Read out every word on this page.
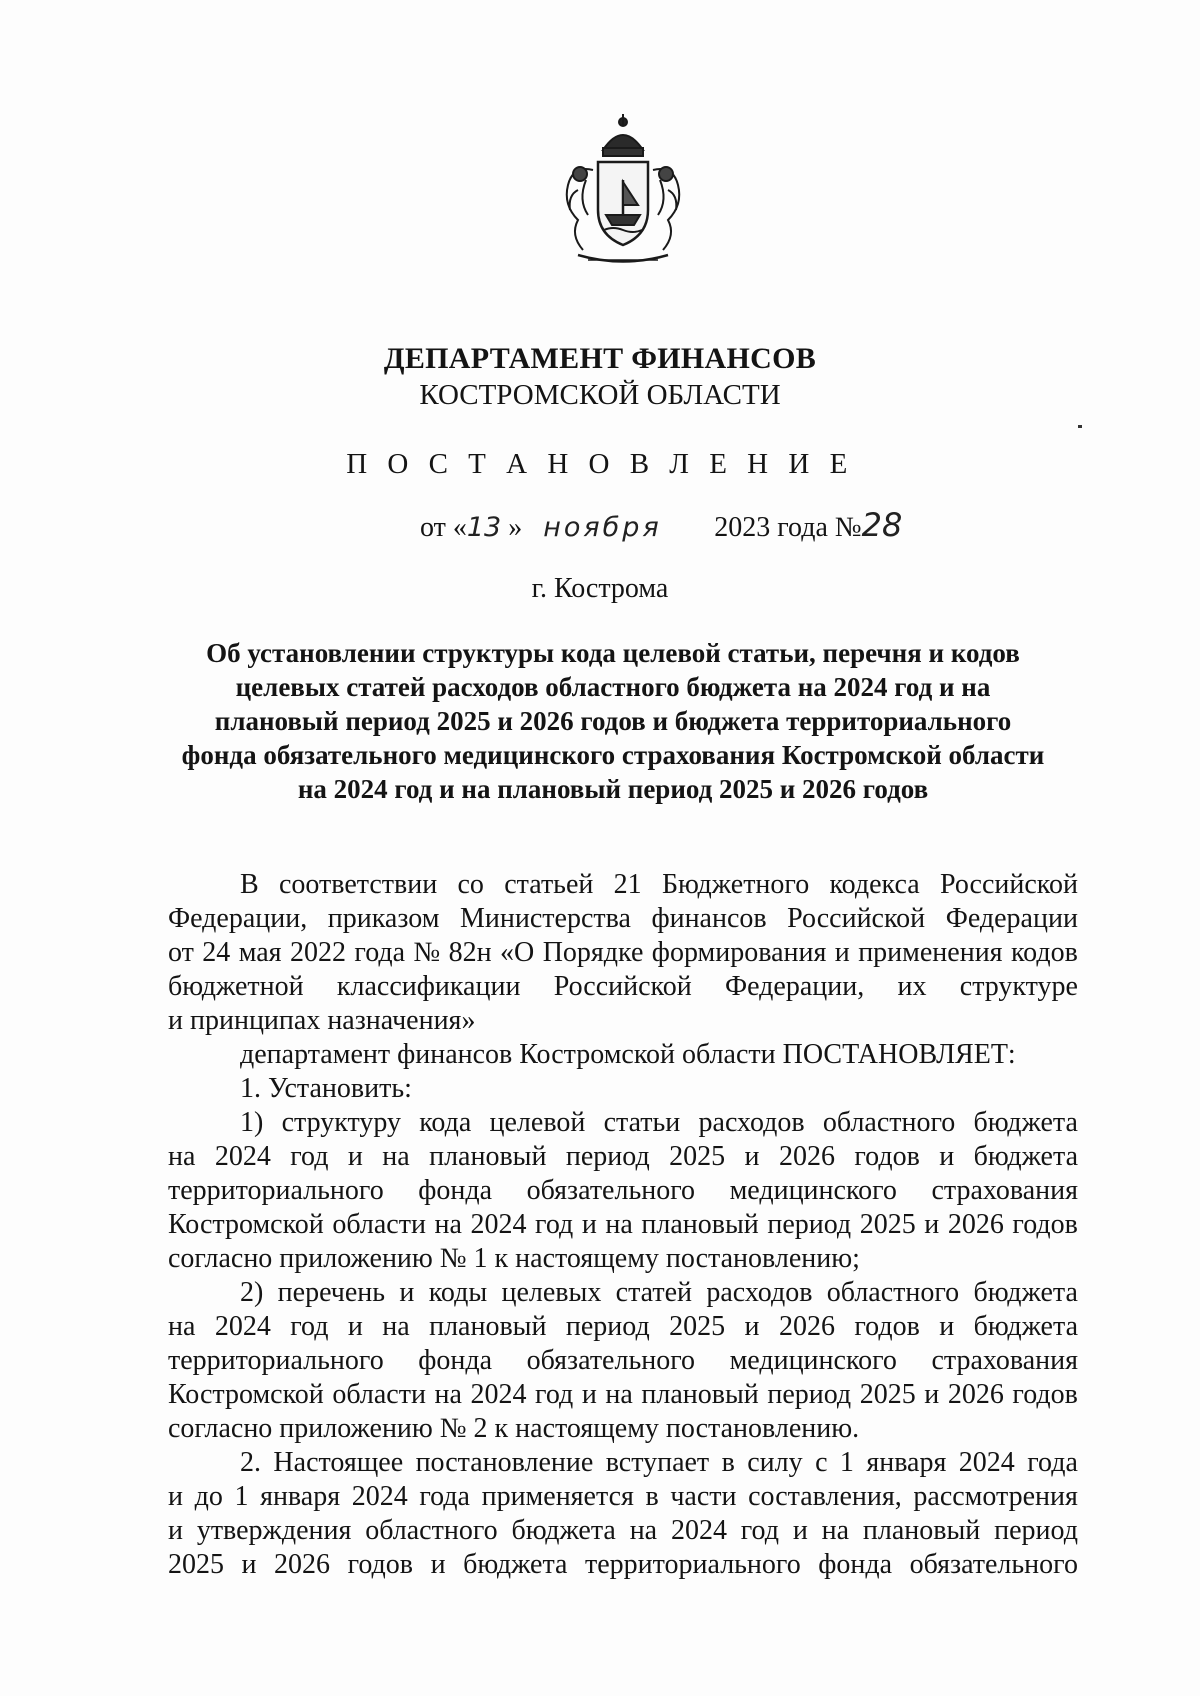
ДЕПАРТАМЕНТ ФИНАНСОВ
КОСТРОМСКОЙ ОБЛАСТИ
П О С Т А Н О В Л Е Н И Е
от «13 » ноября 2023 года №28
г. Кострома
Об установлении структуры кода целевой статьи, перечня и кодов
целевых статей расходов областного бюджета на 2024 год и на
плановый период 2025 и 2026 годов и бюджета территориального
фонда обязательного медицинского страхования Костромской области
на 2024 год и на плановый период 2025 и 2026 годов
В соответствии со статьей 21 Бюджетного кодекса Российской
Федерации, приказом Министерства финансов Российской Федерации
от 24 мая 2022 года № 82н «О Порядке формирования и применения кодов
бюджетной классификации Российской Федерации, их структуре
и принципах назначения»
департамент финансов Костромской области ПОСТАНОВЛЯЕТ:
1. Установить:
1) структуру кода целевой статьи расходов областного бюджета
на 2024 год и на плановый период 2025 и 2026 годов и бюджета
территориального фонда обязательного медицинского страхования
Костромской области на 2024 год и на плановый период 2025 и 2026 годов
согласно приложению № 1 к настоящему постановлению;
2) перечень и коды целевых статей расходов областного бюджета
на 2024 год и на плановый период 2025 и 2026 годов и бюджета
территориального фонда обязательного медицинского страхования
Костромской области на 2024 год и на плановый период 2025 и 2026 годов
согласно приложению № 2 к настоящему постановлению.
2. Настоящее постановление вступает в силу с 1 января 2024 года
и до 1 января 2024 года применяется в части составления, рассмотрения
и утверждения областного бюджета на 2024 год и на плановый период
2025 и 2026 годов и бюджета территориального фонда обязательного
